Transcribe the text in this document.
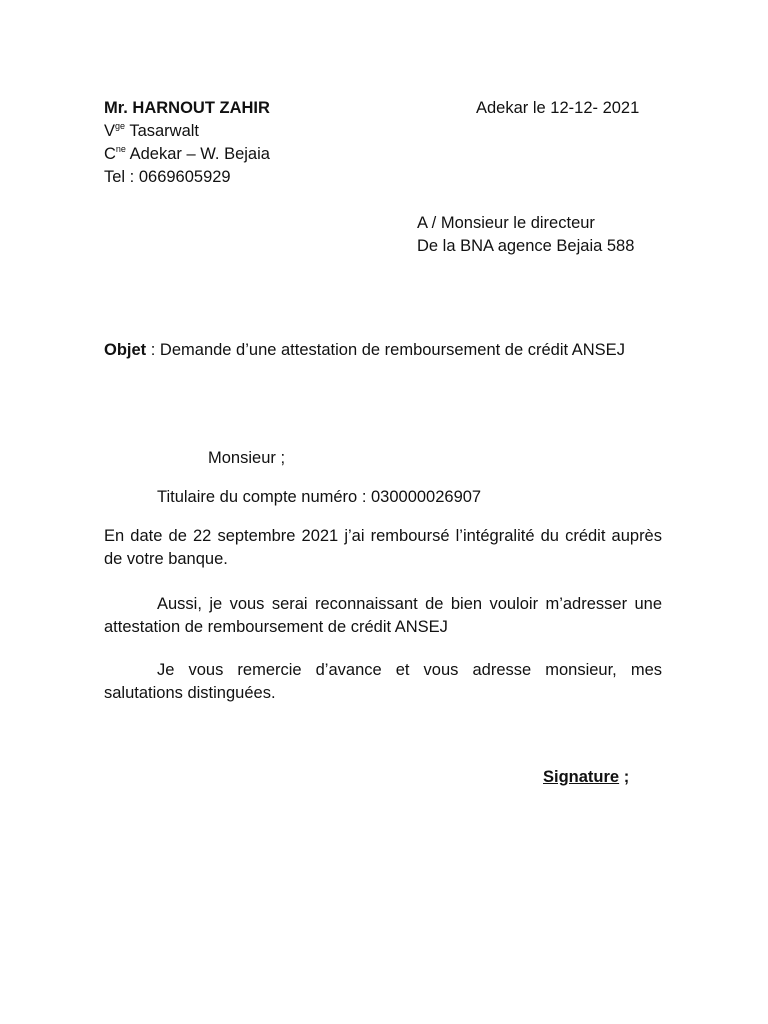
Mr. HARNOUT ZAHIR
$V^{ge}$ Tasarwalt
$C^{ne}$ Adekar – W. Bejaia
Tel : 0669605929
Adekar le 12-12- 2021
A / Monsieur le directeur
De la BNA agence Bejaia 588
Objet : Demande d’une attestation de remboursement de crédit ANSEJ
Monsieur ;
Titulaire du compte numéro : 030000026907
En date de 22 septembre 2021 j’ai remboursé l’intégralité du crédit auprès de votre banque.
Aussi, je vous serai reconnaissant de bien vouloir m’adresser une attestation de remboursement de crédit ANSEJ
Je vous remercie d’avance et vous adresse monsieur, mes salutations distinguées.
Signature ;
